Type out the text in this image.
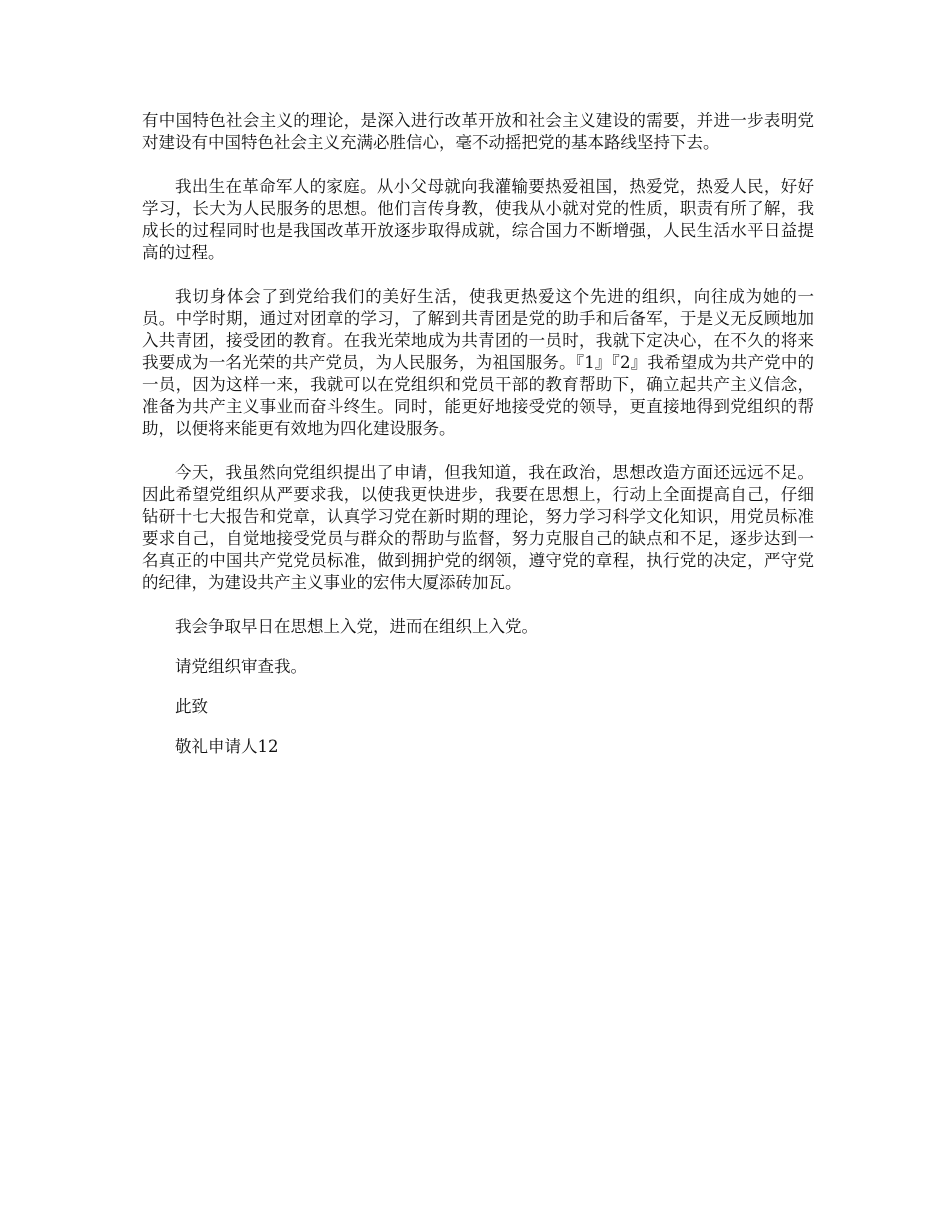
有中国特色社会主义的理论，是深入进行改革开放和社会主义建设的需要，并进一步表明党对建设有中国特色社会主义充满必胜信心，毫不动摇把党的基本路线坚持下去。

我出生在革命军人的家庭。从小父母就向我灌输要热爱祖国，热爱党，热爱人民，好好学习，长大为人民服务的思想。他们言传身教，使我从小就对党的性质，职责有所了解，我成长的过程同时也是我国改革开放逐步取得成就，综合国力不断增强，人民生活水平日益提高的过程。

我切身体会了到党给我们的美好生活，使我更热爱这个先进的组织，向往成为她的一员。中学时期，通过对团章的学习，了解到共青团是党的助手和后备军，于是义无反顾地加入共青团，接受团的教育。在我光荣地成为共青团的一员时，我就下定决心，在不久的将来我要成为一名光荣的共产党员，为人民服务，为祖国服务。『1』『2』我希望成为共产党中的一员，因为这样一来，我就可以在党组织和党员干部的教育帮助下，确立起共产主义信念，准备为共产主义事业而奋斗终生。同时，能更好地接受党的领导，更直接地得到党组织的帮助，以便将来能更有效地为四化建设服务。

今天，我虽然向党组织提出了申请，但我知道，我在政治，思想改造方面还远远不足。因此希望党组织从严要求我，以使我更快进步，我要在思想上，行动上全面提高自己，仔细钻研十七大报告和党章，认真学习党在新时期的理论，努力学习科学文化知识，用党员标准要求自己，自觉地接受党员与群众的帮助与监督，努力克服自己的缺点和不足，逐步达到一名真正的中国共产党党员标准，做到拥护党的纲领，遵守党的章程，执行党的决定，严守党的纪律，为建设共产主义事业的宏伟大厦添砖加瓦。

我会争取早日在思想上入党，进而在组织上入党。

请党组织审查我。

此致

敬礼申请人12
